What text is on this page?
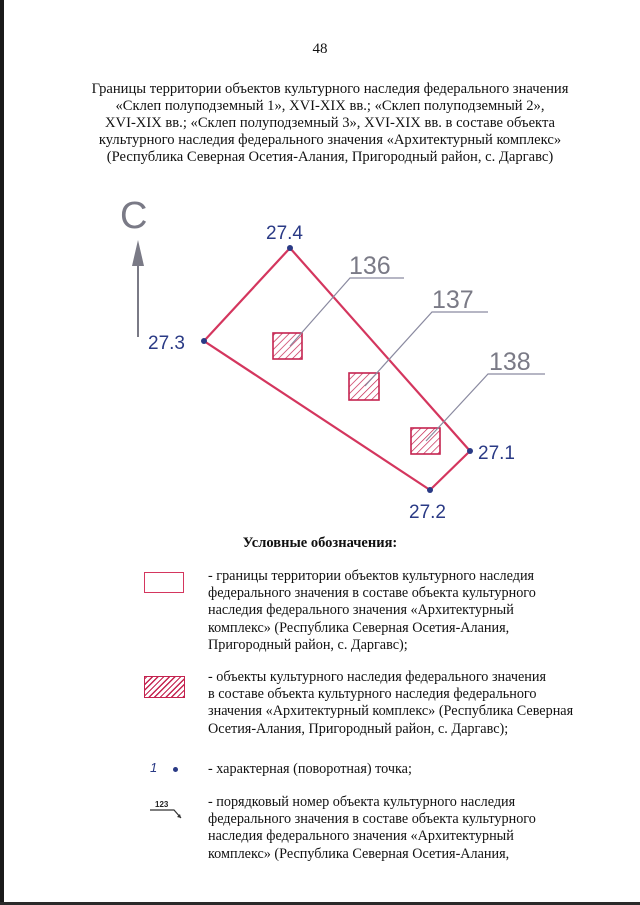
48
Границы территории объектов культурного наследия федерального значения
«Склеп полуподземный 1», XVI-XIX вв.; «Склеп полуподземный 2»,
XVI-XIX вв.; «Склеп полуподземный 3», XVI-XIX вв. в составе объекта
культурного наследия федерального значения «Архитектурный комплекс»
(Республика Северная Осетия-Алания, Пригородный район, с. Даргавс)
С
27.1
27.2
27.3
27.4
136
137
138
Условные обозначения:
- границы территории объектов культурного наследия
федерального значения в составе объекта культурного
наследия федерального значения «Архитектурный
комплекс» (Республика Северная Осетия-Алания,
Пригородный район, с. Даргавс);
- объекты культурного наследия федерального значения
в составе объекта культурного наследия федерального
значения «Архитектурный комплекс» (Республика Северная
Осетия-Алания, Пригородный район, с. Даргавс);
1	- характерная (поворотная) точка;
123	- порядковый номер объекта культурного наследия
федерального значения в составе объекта культурного
наследия федерального значения «Архитектурный
комплекс» (Республика Северная Осетия-Алания,
